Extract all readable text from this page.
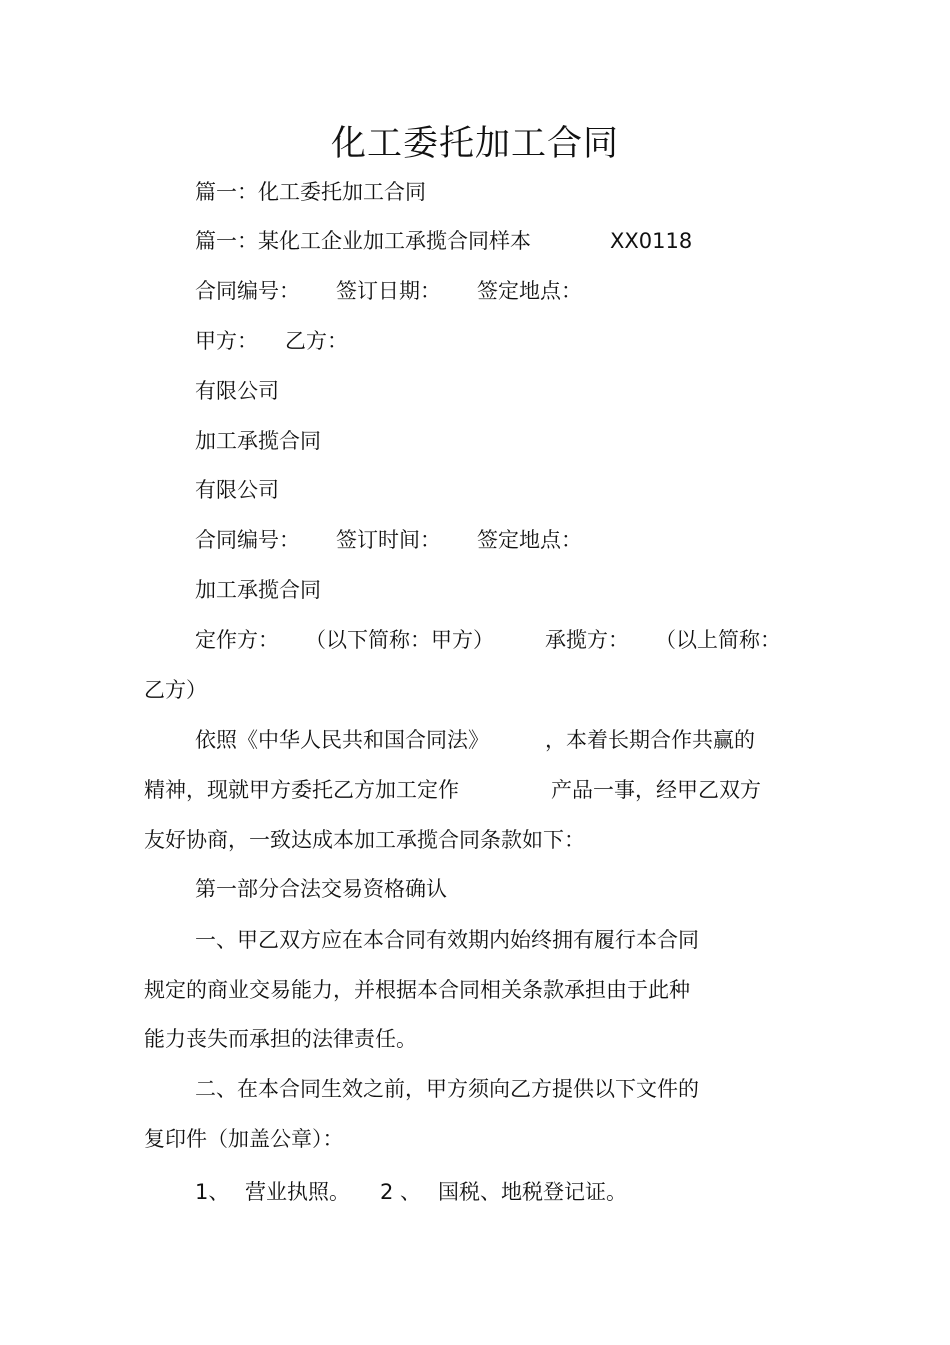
化工委托加工合同
篇一：化工委托加工合同
篇一：某化工企业加工承揽合同样本	XX0118
合同编号： 签订日期： 签定地点：
甲方： 乙方：
有限公司
加工承揽合同
有限公司
合同编号： 签订时间： 签定地点：
加工承揽合同
定作方： （以下简称：甲方） 承揽方： （以上简称：
乙方）
依照《中华人民共和国合同法》	，本着长期合作共赢的
精神，现就甲方委托乙方加工定作	产品一事，经甲乙双方
友好协商，一致达成本加工承揽合同条款如下：
第一部分合法交易资格确认
一、甲乙双方应在本合同有效期内始终拥有履行本合同
规定的商业交易能力，并根据本合同相关条款承担由于此种
能力丧失而承担的法律责任。
二、在本合同生效之前，甲方须向乙方提供以下文件的
复印件（加盖公章）：
1、 营业执照。 2 、 国税、地税登记证。
